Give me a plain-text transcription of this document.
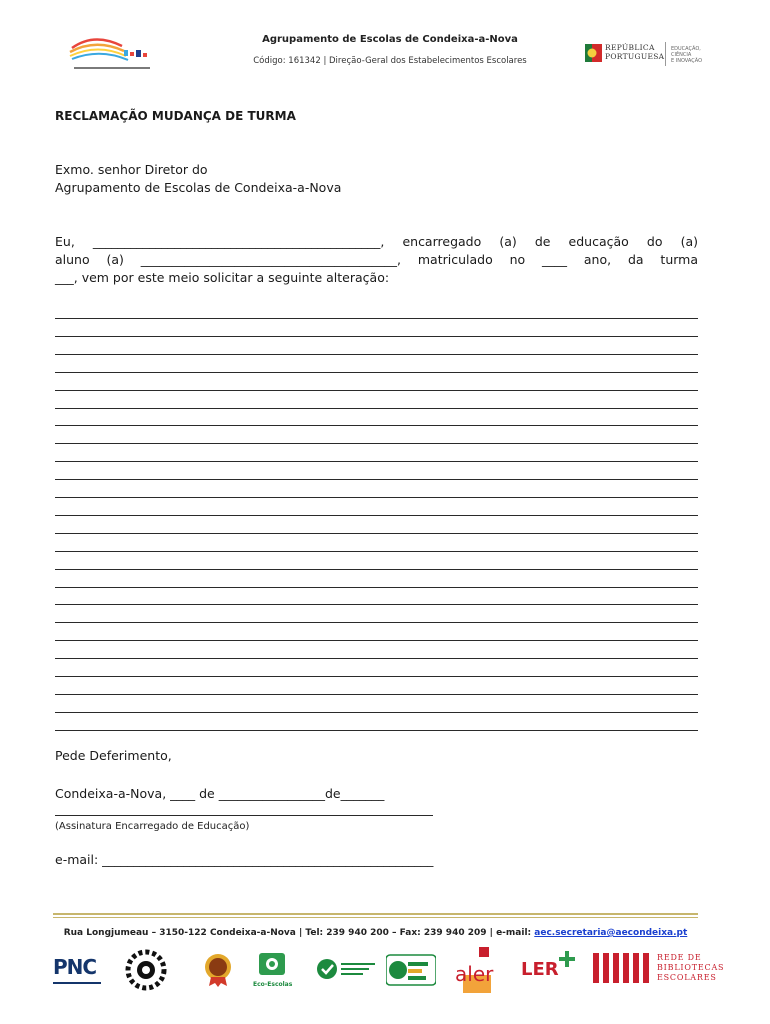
Agrupamento de Escolas de Condeixa-a-Nova
Código: 161342 | Direção-Geral dos Estabelecimentos Escolares
REPÚBLICA
PORTUGUESA
EDUCAÇÃO, CIÊNCIA
E INOVAÇÃO
RECLAMAÇÃO MUDANÇA DE TURMA
Exmo. senhor Diretor do
Agrupamento de Escolas de Condeixa-a-Nova
Eu, ______________________________________________, encarregado (a) de educação do (a)
aluno (a) _________________________________________, matriculado no ____ ano, da turma
___, vem por este meio solicitar a seguinte alteração:
Pede Deferimento,
Condeixa-a-Nova, ____ de _________________de_______
(Assinatura Encarregado de Educação)
e-mail: _____________________________________________________
Rua Longjumeau – 3150-122 Condeixa-a-Nova | Tel: 239 940 200 – Fax: 239 940 209 | e-mail: aec.secretaria@aecondeixa.pt
PNC
Eco-Escolas	aler LER
REDE DE
BIBLIOTECAS
ESCOLARES
